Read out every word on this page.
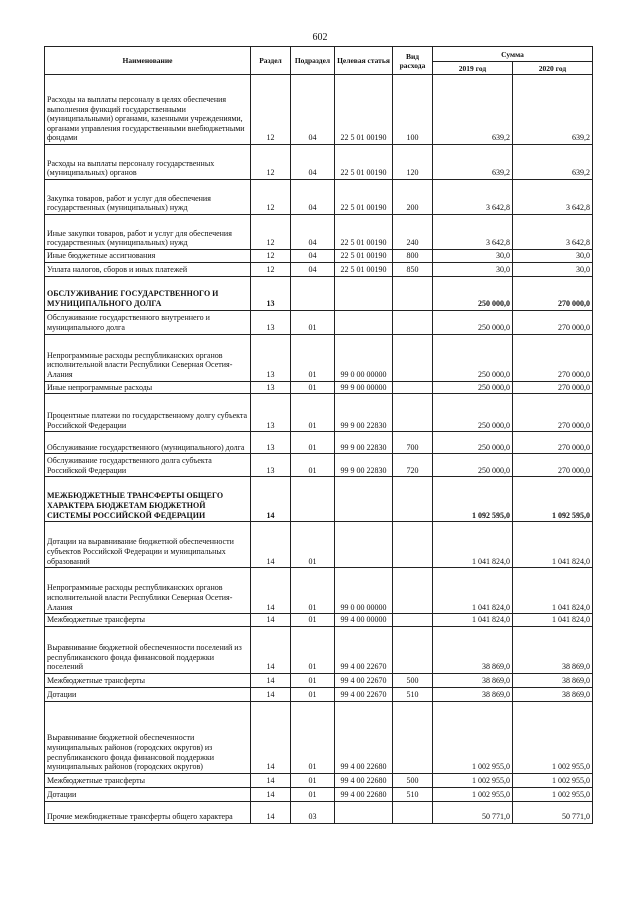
602
Наименование	Раздел	Подраздел	Целевая статья	Вид расхода	Сумма	
					2019 год	2020 год
Расходы на выплаты персоналу в целях обеспечения выполнения функций государственными (муниципальными) органами, казенными учреждениями, органами управления государственными внебюджетными фондами	12	04	22 5 01 00190	100	639,2	639,2
Расходы на выплаты персоналу государственных (муниципальных) органов	12	04	22 5 01 00190	120	639,2	639,2
Закупка товаров, работ и услуг для обеспечения государственных (муниципальных) нужд	12	04	22 5 01 00190	200	3 642,8	3 642,8
Иные закупки товаров, работ и услуг для обеспечения государственных (муниципальных) нужд	12	04	22 5 01 00190	240	3 642,8	3 642,8
Иные бюджетные ассигнования	12	04	22 5 01 00190	800	30,0	30,0
Уплата налогов, сборов и иных платежей	12	04	22 5 01 00190	850	30,0	30,0
ОБСЛУЖИВАНИЕ ГОСУДАРСТВЕННОГО И МУНИЦИПАЛЬНОГО ДОЛГА	13				250 000,0	270 000,0
Обслуживание государственного внутреннего и муниципального долга	13	01			250 000,0	270 000,0
Непрограммные расходы республиканских органов исполнительной власти Республики Северная Осетия-Алания	13	01	99 0 00 00000		250 000,0	270 000,0
Иные непрограммные расходы	13	01	99 9 00 00000		250 000,0	270 000,0
Процентные платежи по государственному долгу субъекта Российской Федерации	13	01	99 9 00 22830		250 000,0	270 000,0
Обслуживание государственного (муниципального) долга	13	01	99 9 00 22830	700	250 000,0	270 000,0
Обслуживание государственного долга субъекта Российской Федерации	13	01	99 9 00 22830	720	250 000,0	270 000,0
МЕЖБЮДЖЕТНЫЕ ТРАНСФЕРТЫ ОБЩЕГО ХАРАКТЕРА БЮДЖЕТАМ БЮДЖЕТНОЙ СИСТЕМЫ РОССИЙСКОЙ ФЕДЕРАЦИИ	14				1 092 595,0	1 092 595,0
Дотации на выравнивание бюджетной обеспеченности субъектов Российской Федерации и муниципальных образований	14	01			1 041 824,0	1 041 824,0
Непрограммные расходы республиканских органов исполнительной власти Республики Северная Осетия-Алания	14	01	99 0 00 00000		1 041 824,0	1 041 824,0
Межбюджетные трансферты	14	01	99 4 00 00000		1 041 824,0	1 041 824,0
Выравнивание бюджетной обеспеченности поселений из республиканского фонда финансовой поддержки поселений	14	01	99 4 00 22670		38 869,0	38 869,0
Межбюджетные трансферты	14	01	99 4 00 22670	500	38 869,0	38 869,0
Дотации	14	01	99 4 00 22670	510	38 869,0	38 869,0
Выравнивание бюджетной обеспеченности муниципальных районов (городских округов) из республиканского фонда финансовой поддержки муниципальных районов (городских округов)	14	01	99 4 00 22680		1 002 955,0	1 002 955,0
Межбюджетные трансферты	14	01	99 4 00 22680	500	1 002 955,0	1 002 955,0
Дотации	14	01	99 4 00 22680	510	1 002 955,0	1 002 955,0
Прочие межбюджетные трансферты общего характера	14	03			50 771,0	50 771,0
